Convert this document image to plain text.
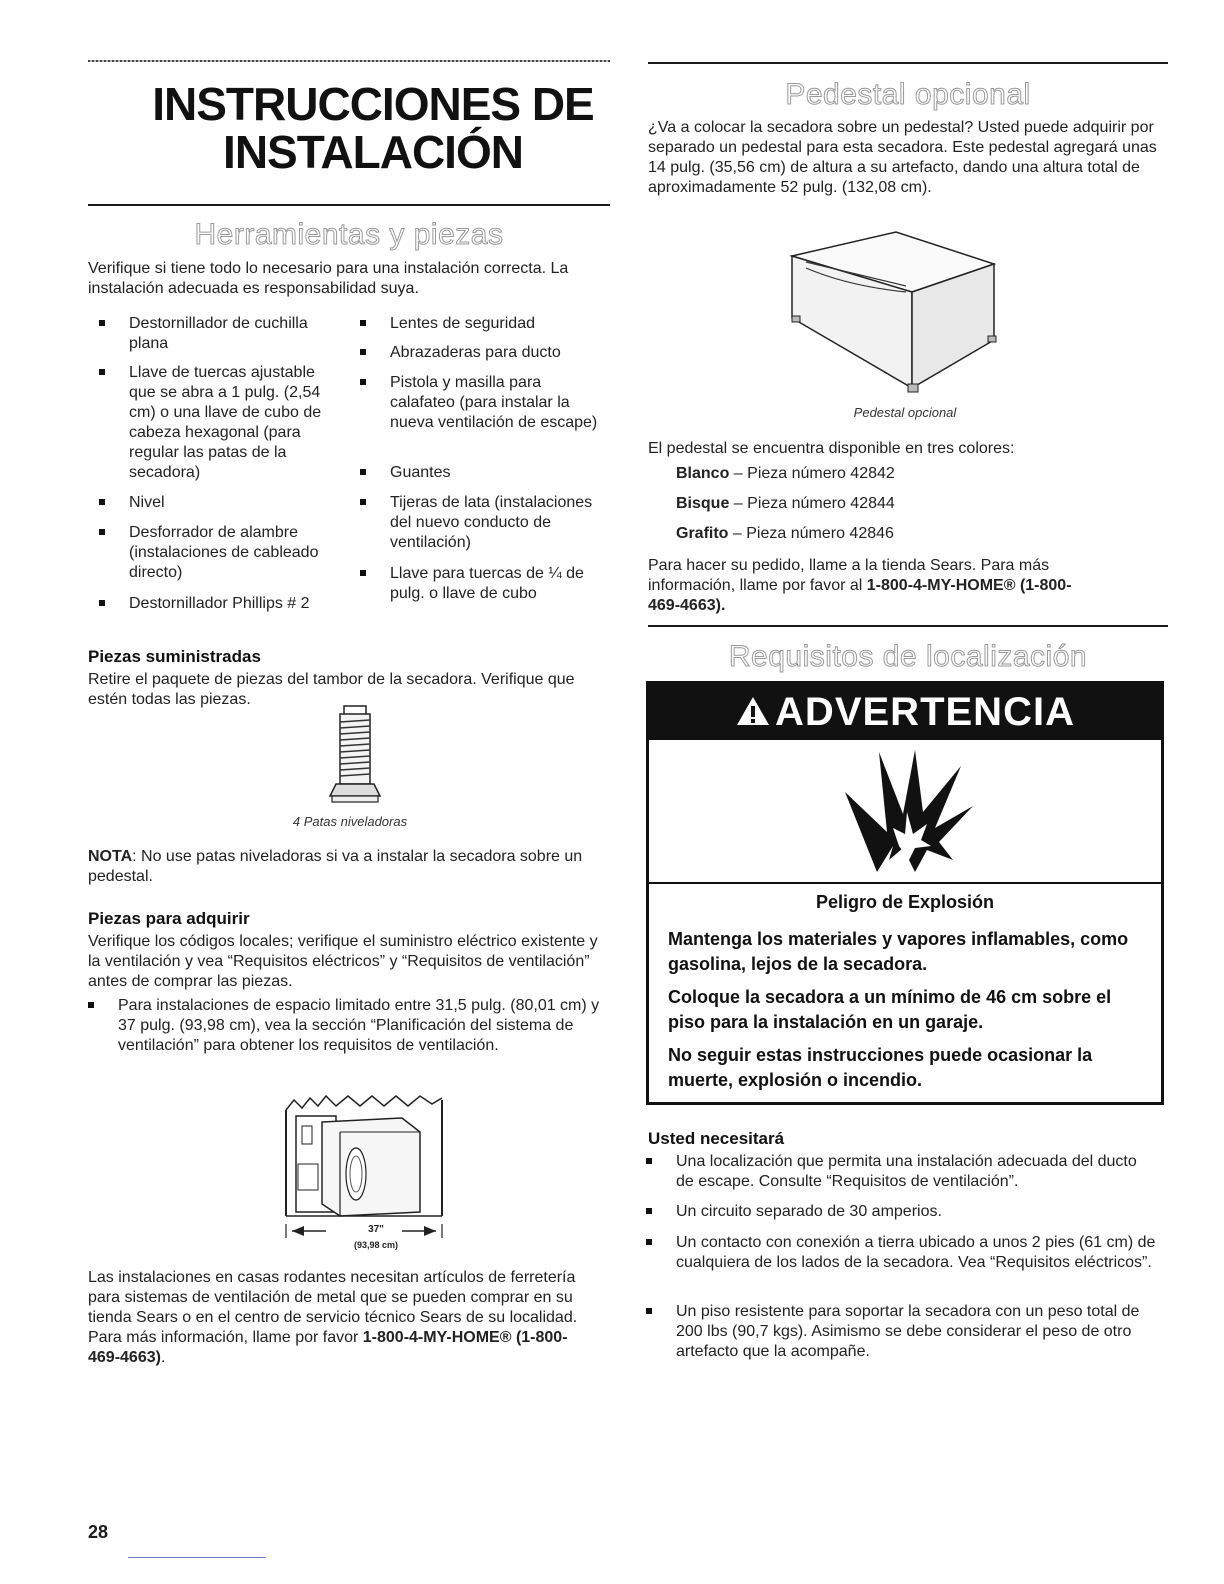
INSTRUCCIONES DE
INSTALACIÓN
Herramientas y piezas

Verifique si tiene todo lo necesario para una instalación correcta. La instalación adecuada es responsabilidad suya.

Destornillador de cuchilla plana
Llave de tuercas ajustable que se abra a 1 pulg. (2,54 cm) o una llave de cubo de cabeza hexagonal (para regular las patas de la secadora)
Nivel
Desforrador de alambre (instalaciones de cableado directo)
Destornillador Phillips # 2
Lentes de seguridad
Abrazaderas para ducto
Pistola y masilla para calafateo (para instalar la nueva ventilación de escape)
Guantes
Tijeras de lata (instalaciones del nuevo conducto de ventilación)
Llave para tuercas de ¼ de pulg. o llave de cubo
Piezas suministradas

Retire el paquete de piezas del tambor de la secadora. Verifique que estén todas las piezas.

4 Patas niveladoras

NOTA: No use patas niveladoras si va a instalar la secadora sobre un pedestal.

Piezas para adquirir

Verifique los códigos locales; verifique el suministro eléctrico existente y la ventilación y vea “Requisitos eléctricos” y “Requisitos de ventilación” antes de comprar las piezas.

Para instalaciones de espacio limitado entre 31,5 pulg. (80,01 cm) y 37 pulg. (93,98 cm), vea la sección “Planificación del sistema de ventilación” para obtener los requisitos de ventilación.
37"
(93,98 cm)

Las instalaciones en casas rodantes necesitan artículos de ferretería para sistemas de ventilación de metal que se pueden comprar en su tienda Sears o en el centro de servicio técnico Sears de su localidad. Para más información, llame por favor 1-800-4-MY-HOME® (1-800-469-4663).

28
Pedestal opcional

¿Va a colocar la secadora sobre un pedestal? Usted puede adquirir por separado un pedestal para esta secadora. Este pedestal agregará unas 14 pulg. (35,56 cm) de altura a su artefacto, dando una altura total de aproximadamente 52 pulg. (132,08 cm).

Pedestal opcional

El pedestal se encuentra disponible en tres colores:

Blanco – Pieza número 42842

Bisque – Pieza número 42844

Grafito – Pieza número 42846

Para hacer su pedido, llame a la tienda Sears. Para más información, llame por favor al 1-800-4-MY-HOME® (1-800-469-4663).

Requisitos de localización
ADVERTENCIA
Peligro de Explosión
Mantenga los materiales y vapores inflamables, como gasolina, lejos de la secadora.
Coloque la secadora a un mínimo de 46 cm sobre el piso para la instalación en un garaje.
No seguir estas instrucciones puede ocasionar la muerte, explosión o incendio.
Usted necesitará
Una localización que permita una instalación adecuada del ducto de escape. Consulte “Requisitos de ventilación”.
Un circuito separado de 30 amperios.
Un contacto con conexión a tierra ubicado a unos 2 pies (61 cm) de cualquiera de los lados de la secadora. Vea “Requisitos eléctricos”.
Un piso resistente para soportar la secadora con un peso total de 200 lbs (90,7 kgs). Asimismo se debe considerar el peso de otro artefacto que la acompañe.
